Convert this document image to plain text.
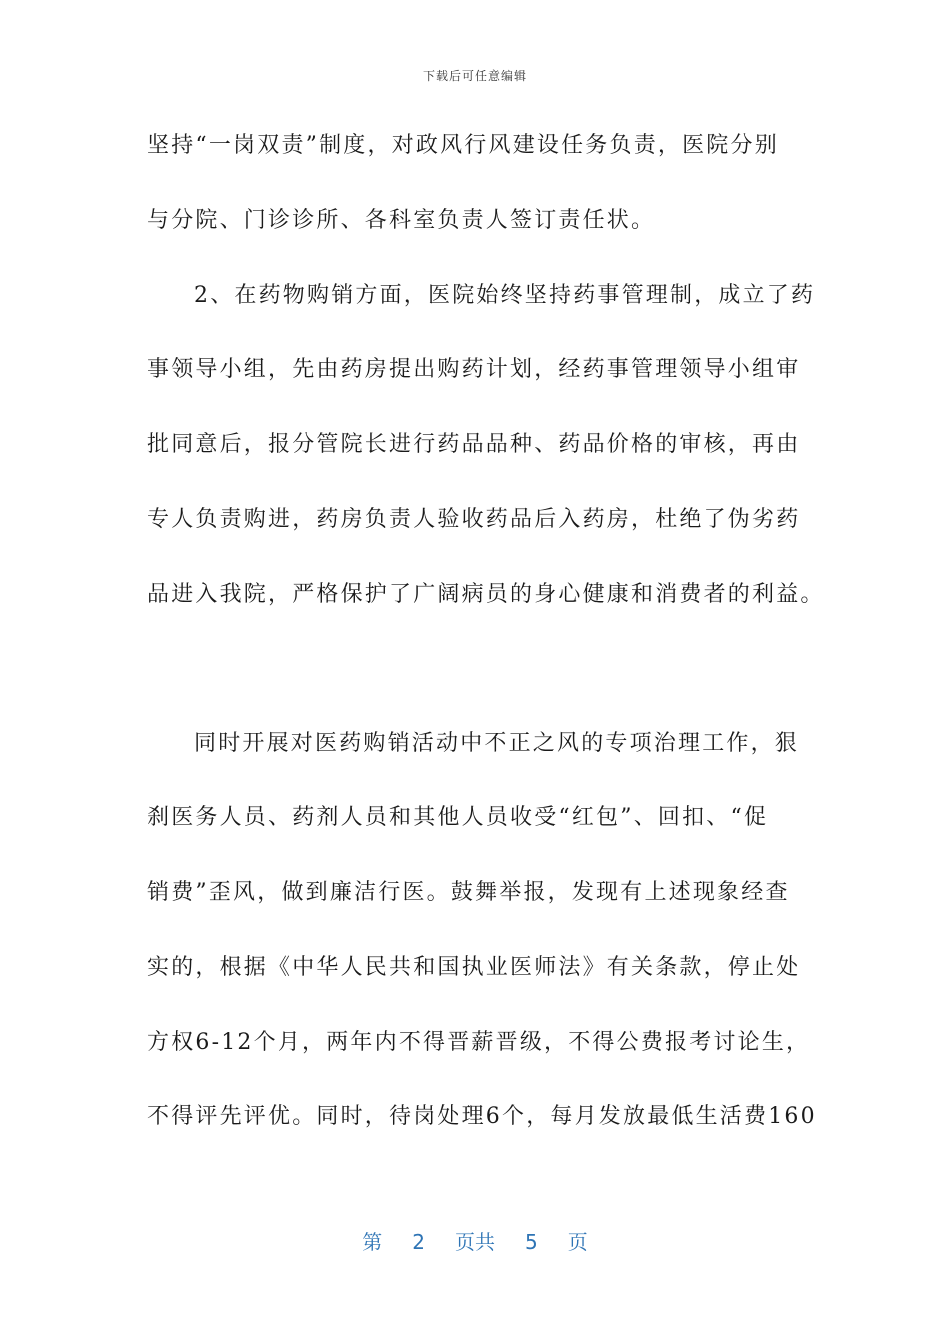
下载后可任意编辑
坚持“一岗双责”制度，对政风行风建设任务负责，医院分别
与分院、门诊诊所、各科室负责人签订责任状。
2、在药物购销方面，医院始终坚持药事管理制，成立了药
事领导小组，先由药房提出购药计划，经药事管理领导小组审
批同意后，报分管院长进行药品品种、药品价格的审核，再由
专人负责购进，药房负责人验收药品后入药房，杜绝了伪劣药
品进入我院，严格保护了广阔病员的身心健康和消费者的利益。
同时开展对医药购销活动中不正之风的专项治理工作，狠
刹医务人员、药剂人员和其他人员收受“红包”、回扣、“促
销费”歪风，做到廉洁行医。鼓舞举报，发现有上述现象经查
实的，根据《中华人民共和国执业医师法》有关条款，停止处
方权6-12个月，两年内不得晋薪晋级，不得公费报考讨论生，
不得评先评优。同时，待岗处理6个，每月发放最低生活费160
第 2 页共 5 页
